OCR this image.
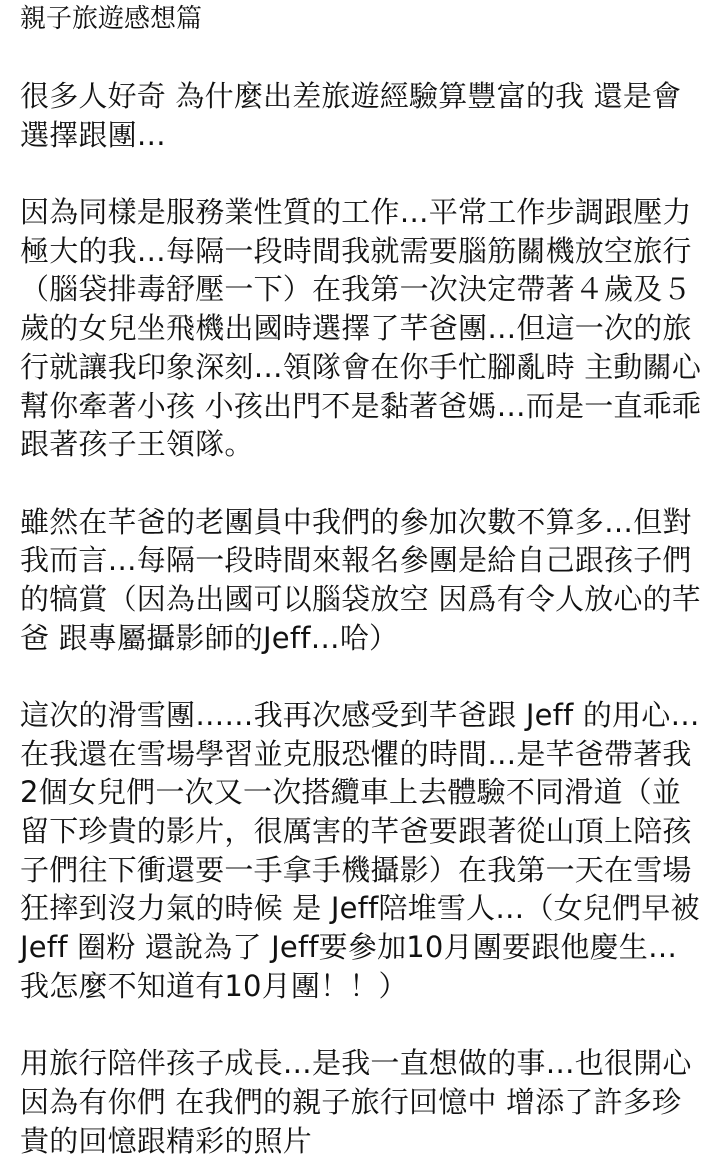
親子旅遊感想篇
很多人好奇 為什麼出差旅遊經驗算豐富的我 還是會
選擇跟團…
因為同樣是服務業性質的工作…平常工作步調跟壓力
極大的我…每隔一段時間我就需要腦筋關機放空旅行
（腦袋排毒舒壓一下）在我第一次決定帶著４歲及５
歲的女兒坐飛機出國時選擇了芊爸團…但這一次的旅
行就讓我印象深刻…領隊會在你手忙腳亂時 主動關心
幫你牽著小孩 小孩出門不是黏著爸媽…而是一直乖乖
跟著孩子王領隊。
雖然在芊爸的老團員中我們的參加次數不算多…但對
我而言…每隔一段時間來報名參團是給自己跟孩子們
的犒賞（因為出國可以腦袋放空 因爲有令人放心的芊
爸 跟專屬攝影師的Jeff…哈）
這次的滑雪團……我再次感受到芊爸跟 Jeff 的用心…
在我還在雪場學習並克服恐懼的時間…是芊爸帶著我
2個女兒們一次又一次搭纜車上去體驗不同滑道（並
留下珍貴的影片，很厲害的芊爸要跟著從山頂上陪孩
子們往下衝還要一手拿手機攝影）在我第一天在雪場
狂摔到沒力氣的時候 是 Jeff陪堆雪人…（女兒們早被
Jeff 圈粉 還說為了 Jeff要參加10月團要跟他慶生…
我怎麼不知道有10月團！！）
用旅行陪伴孩子成長…是我一直想做的事…也很開心
因為有你們 在我們的親子旅行回憶中 增添了許多珍
貴的回憶跟精彩的照片
